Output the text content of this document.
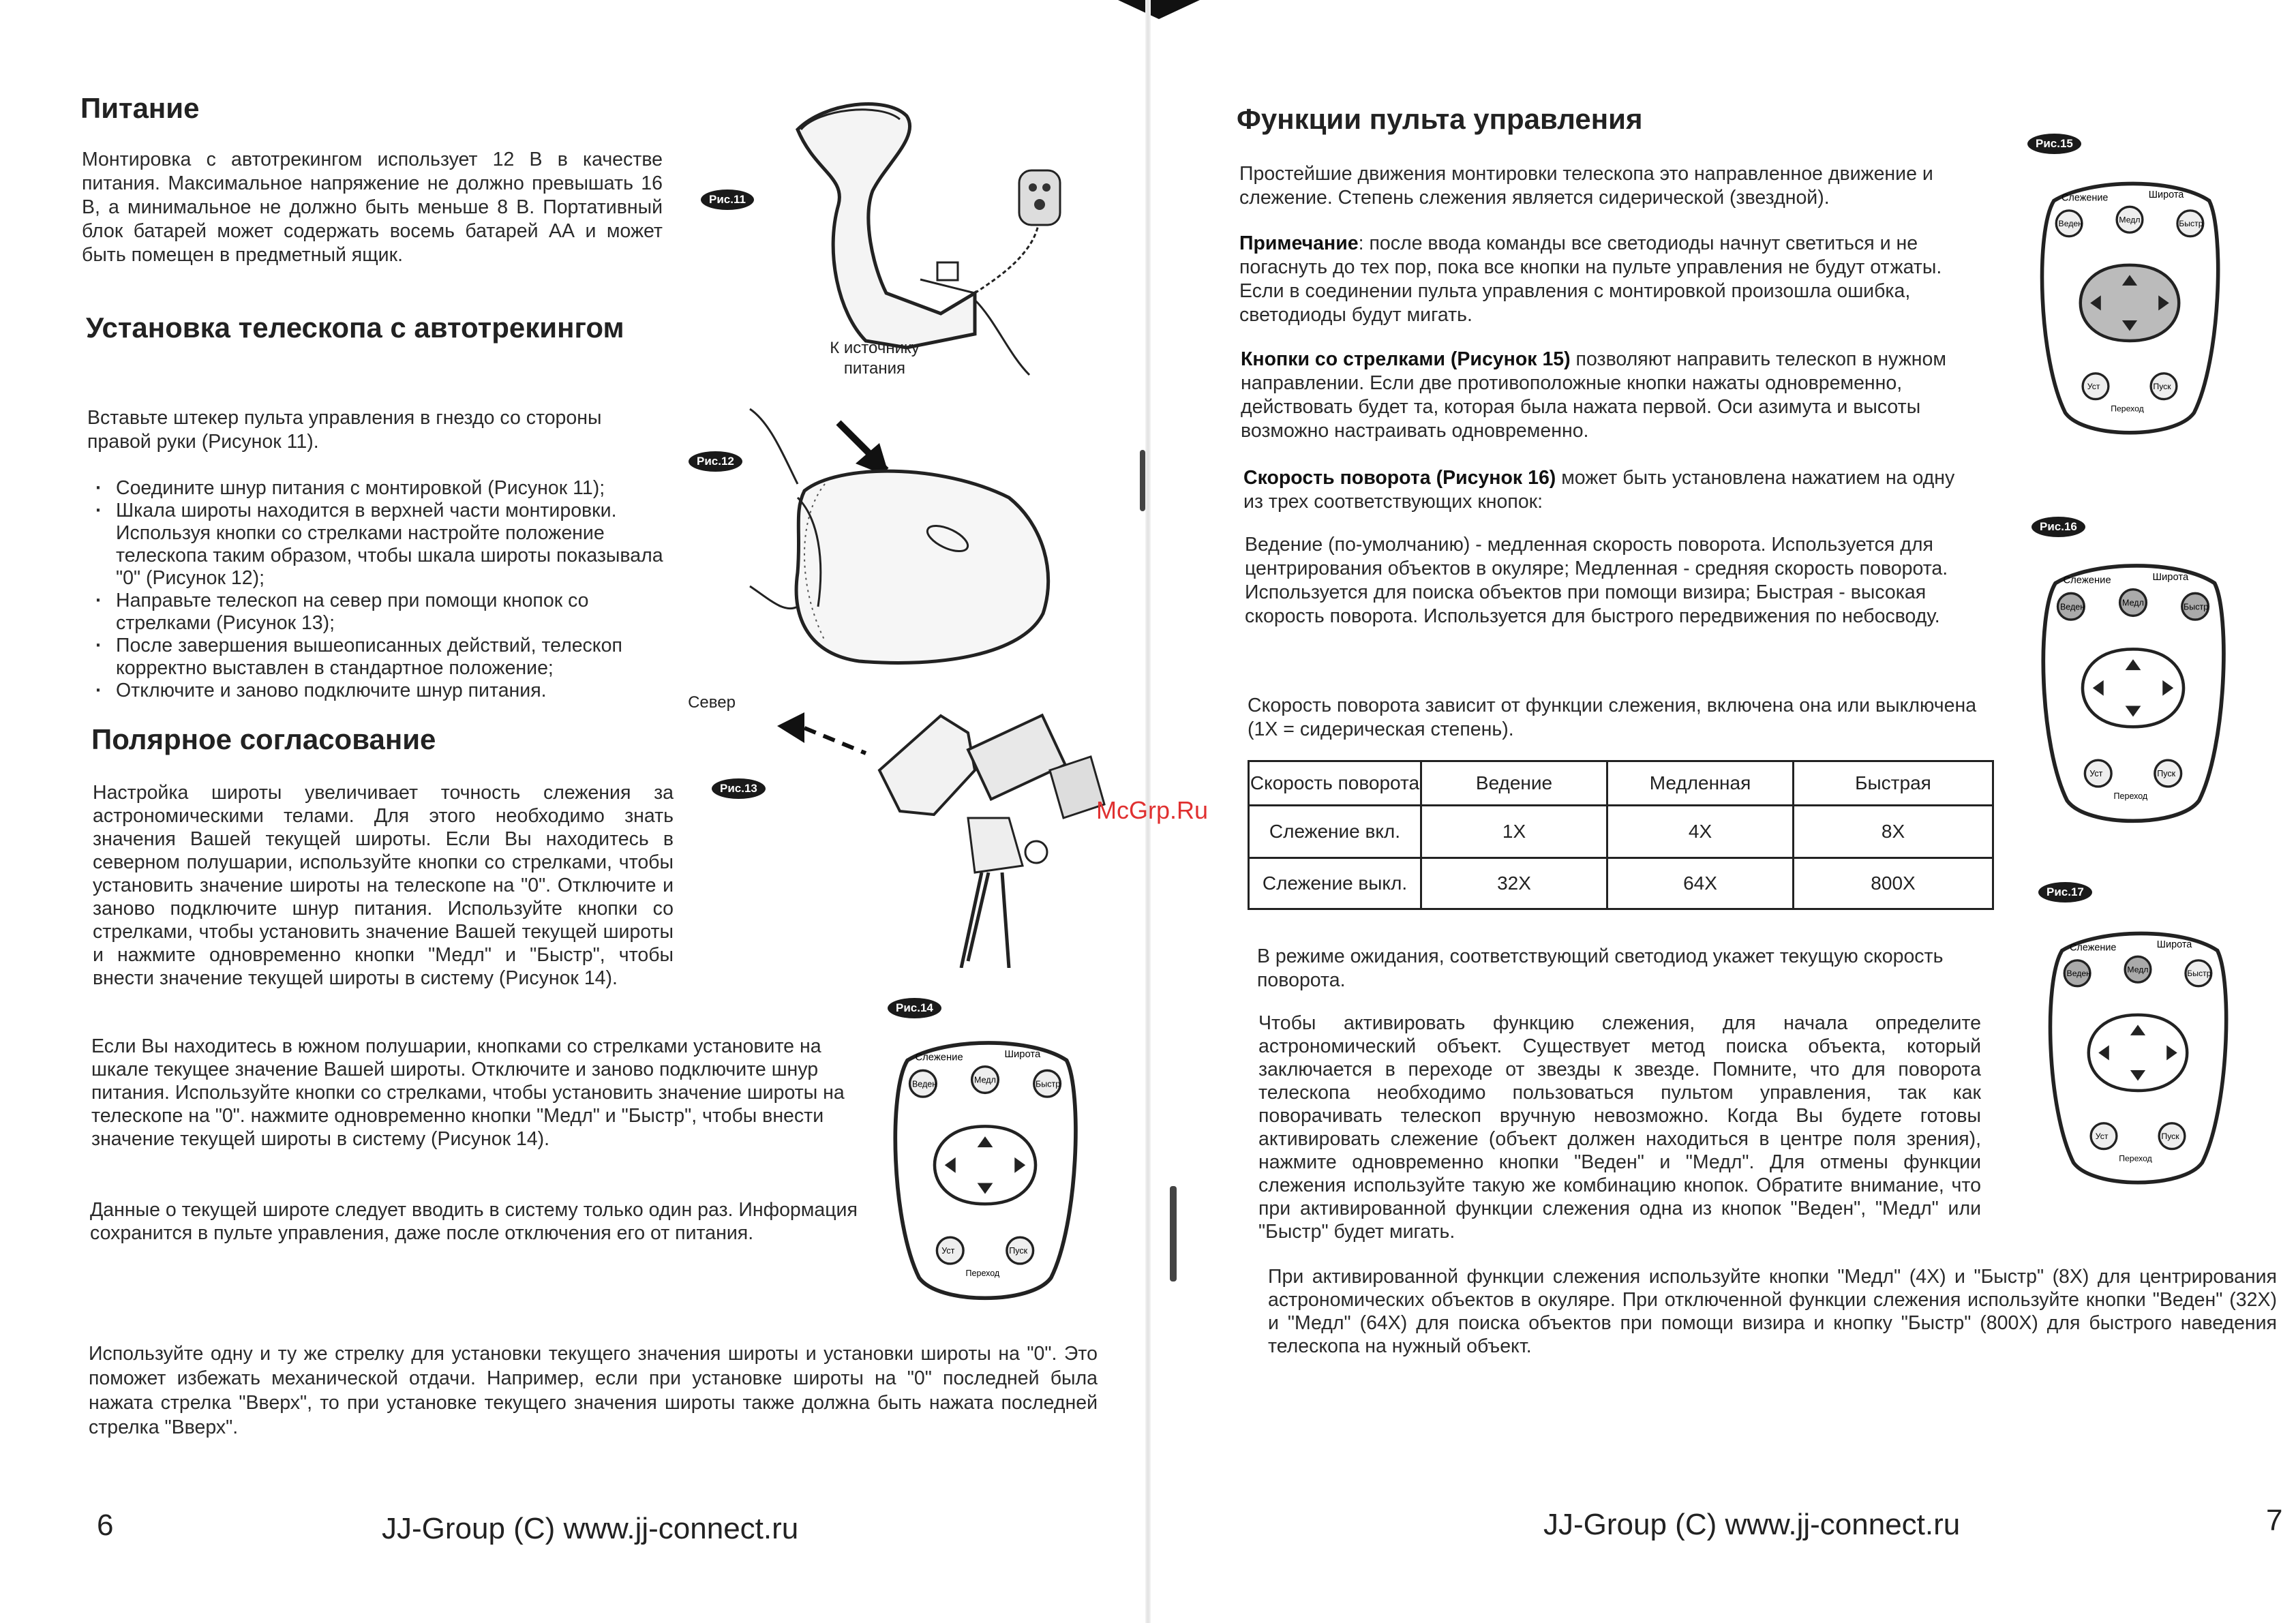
Питание

Монтировка с автотрекингом использует 12 В в качестве питания. Максимальное напряжение не должно превышать 16 В, а минимальное не должно быть меньше 8 В. Портативный блок батарей может содержать восемь батарей АА и может быть помещен в предметный ящик.

Установка телескопа с автотрекингом

Вставьте штекер пульта управления в гнездо со стороны правой руки (Рисунок 11).

· Соедините шнур питания с монтировкой (Рисунок 11);
· Шкала широты находится в верхней части монтировки. Используя кнопки со стрелками настройте положение телескопа таким образом, чтобы шкала широты показывала "0" (Рисунок 12);
· Направьте телескоп на север при помощи кнопок со стрелками (Рисунок 13);
· После завершения вышеописанных действий, телескоп корректно выставлен в стандартное положение;
· Отключите и заново подключите шнур питания.
Полярное согласование

Настройка широты увеличивает точность слежения за астрономическими телами. Для этого необходимо знать значения Вашей текущей широты. Если Вы находитесь в северном полушарии, используйте кнопки со стрелками, чтобы установить значение широты на телескопе на "0". Отключите и заново подключите шнур питания. Используйте кнопки со стрелками, чтобы установить значение Вашей текущей широты и нажмите одновременно кнопки "Медл" и "Быстр", чтобы внести значение текущей широты в систему (Рисунок 14).

Если Вы находитесь в южном полушарии, кнопками со стрелками установите на шкале текущее значение Вашей широты. Отключите и заново подключите шнур питания. Используйте кнопки со стрелками, чтобы установить значение широты на телескопе на "0". нажмите одновременно кнопки "Медл" и "Быстр", чтобы внести значение текущей широты в систему (Рисунок 14).

Данные о текущей широте следует вводить в систему только один раз. Информация сохранится в пульте управления, даже после отключения его от питания.

Используйте одну и ту же стрелку для установки текущего значения широты и установки широты на "0". Это поможет избежать механической отдачи. Например, если при установке широты на "0" последней была нажата стрелка "Вверх", то при установке текущего значения широты также должна быть нажата последней стрелка "Вверх".

Рис.11
К источнику питания
Рис.12
Рис.13
Север
Рис.14
Слежение	Широта
Веден	Медл	Быстр
Уст	Пуск
Переход
6	JJ-Group (C) www.jj-connect.ru
McGrp.Ru
Функции пульта управления

Простейшие движения монтировки телескопа это направленное движение и слежение. Степень слежения является сидерической (звездной).

Примечание: после ввода команды все светодиоды начнут светиться и не погаснуть до тех пор, пока все кнопки на пульте управления не будут отжаты. Если в соединении пульта управления с монтировкой произошла ошибка, светодиоды будут мигать.

Кнопки со стрелками (Рисунок 15) позволяют направить телескоп в нужном направлении. Если две противоположные кнопки нажаты одновременно, действовать будет та, которая была нажата первой. Оси азимута и высоты возможно настраивать одновременно.

Скорость поворота (Рисунок 16) может быть установлена нажатием на одну из трех соответствующих кнопок:

Ведение (по-умолчанию) - медленная скорость поворота. Используется для центрирования объектов в окуляре; Медленная - средняя скорость поворота. Используется для поиска объектов при помощи визира; Быстрая - высокая скорость поворота. Используется для быстрого передвижения по небосводу.

Скорость поворота зависит от функции слежения, включена она или выключена (1X = сидерическая степень).

Скорость поворота	Ведение	Медленная	Быстрая
Слежение вкл.	1X	4X	8X
Слежение выкл.	32X	64X	800X

В режиме ожидания, соответствующий светодиод укажет текущую скорость поворота.

Чтобы активировать функцию слежения, для начала определите астрономический объект. Существует метод поиска объекта, который заключается в переходе от звезды к звезде. Помните, что для поворота телескопа необходимо пользоваться пультом управления, так как поворачивать телескоп вручную невозможно. Когда Вы будете готовы активировать слежение (объект должен находиться в центре поля зрения), нажмите одновременно кнопки "Веден" и "Медл". Для отмены функции слежения используйте такую же комбинацию кнопок. Обратите внимание, что при активированной функции слежения одна из кнопок "Веден", "Медл" или "Быстр" будет мигать.

При активированной функции слежения используйте кнопки "Медл" (4X) и "Быстр" (8X) для центрирования астрономических объектов в окуляре. При отключенной функции слежения используйте кнопки "Веден" (32X) и "Медл" (64X) для поиска объектов при помощи визира и кнопку "Быстр" (800X) для быстрого наведения телескопа на нужный объект.

Рис.15
Слежение	Широта
Веден	Медл	Быстр
Уст	Пуск
Переход
Рис.16
Слежение	Широта
Веден	Медл	Быстр
Уст	Пуск
Переход
Рис.17
Слежение	Широта
Веден	Медл	Быстр
Уст	Пуск
Переход
JJ-Group (C) www.jj-connect.ru	7
